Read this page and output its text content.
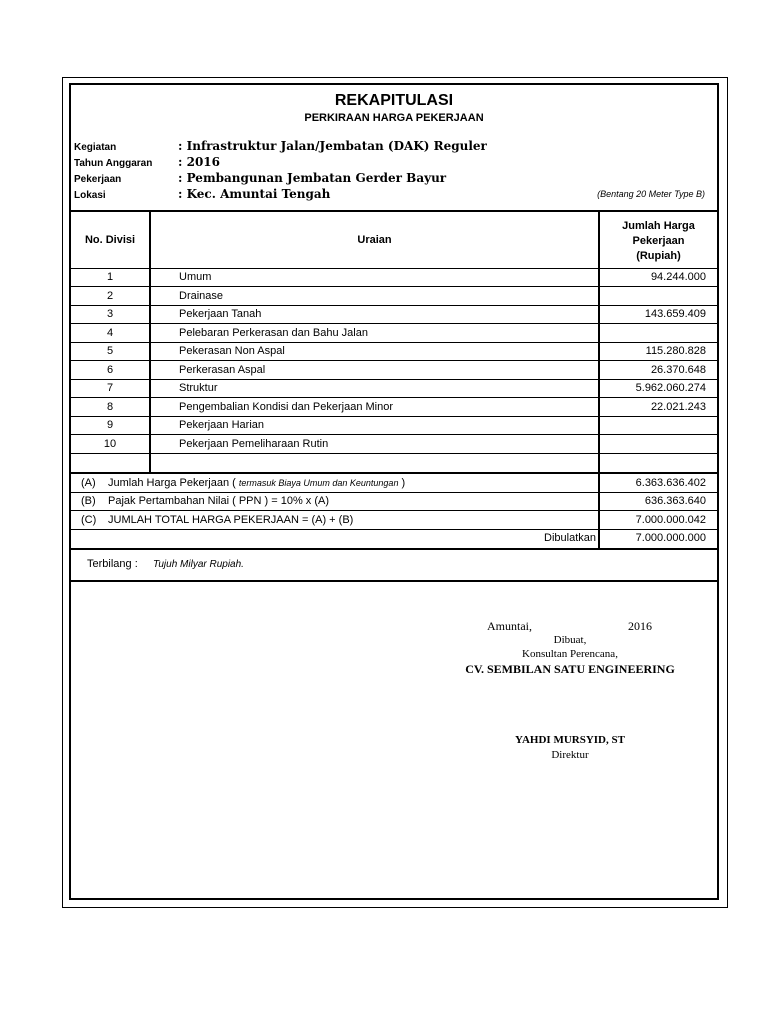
REKAPITULASI
PERKIRAAN HARGA PEKERJAAN
Kegiatan	: Infrastruktur Jalan/Jembatan (DAK) Reguler
Tahun Anggaran : 2016
Pekerjaan	: Pembangunan Jembatan Gerder Bayur
Lokasi	: Kec. Amuntai Tengah	(Bentang 20 Meter Type B)
No. Divisi	Uraian
Jumlah Harga
Pekerjaan
(Rupiah)
1	Umum	94.244.000
2	Drainase
3	Pekerjaan Tanah	143.659.409
4	Pelebaran Perkerasan dan Bahu Jalan
5	Pekerasan Non Aspal	115.280.828
6	Perkerasan Aspal	26.370.648
7	Struktur	5.962.060.274
8	Pengembalian Kondisi dan Pekerjaan Minor	22.021.243
9	Pekerjaan Harian
10	Pekerjaan Pemeliharaan Rutin
(A) Jumlah Harga Pekerjaan ( termasuk Biaya Umum dan Keuntungan )	6.363.636.402
(B) Pajak Pertambahan Nilai ( PPN ) = 10% x (A)	636.363.640
(C) JUMLAH TOTAL HARGA PEKERJAAN = (A) + (B)	7.000.000.042
Dibulatkan	7.000.000.000
Terbilang : Tujuh Milyar Rupiah.
Amuntai,	2016
Dibuat,
Konsultan Perencana,
CV. SEMBILAN SATU ENGINEERING
YAHDI MURSYID, ST
Direktur
